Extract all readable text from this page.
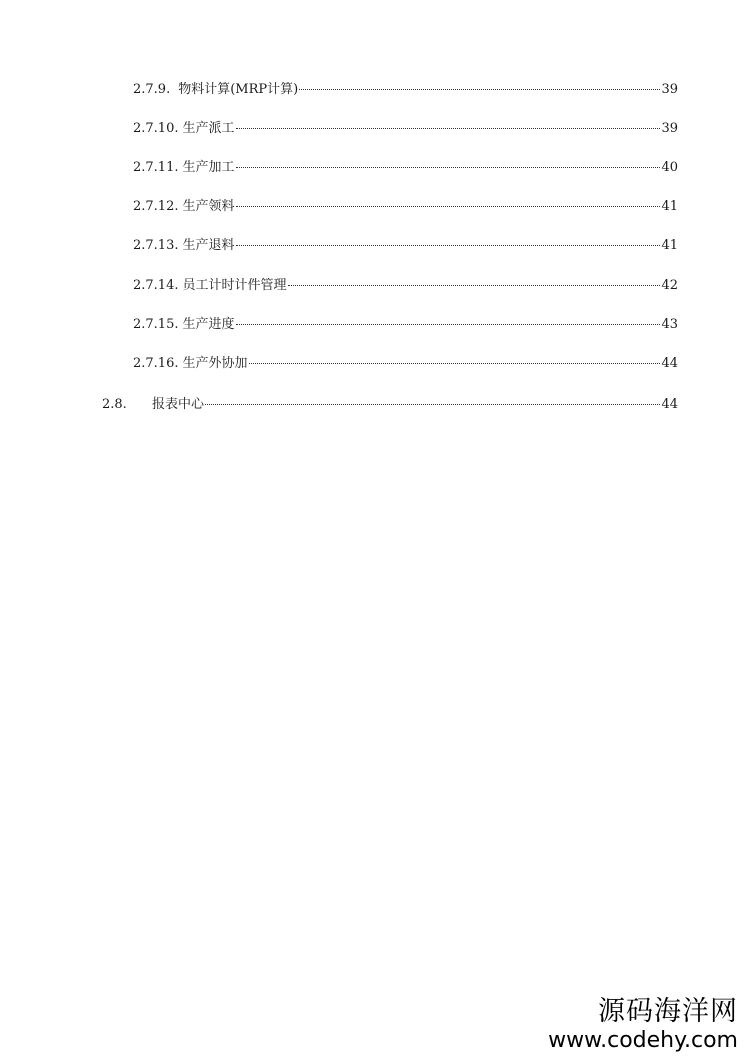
2.7.9. 物料计算(MRP计算)	39
2.7.10. 生产派工	39
2.7.11. 生产加工	40
2.7.12. 生产领料	41
2.7.13. 生产退料	41
2.7.14. 员工计时计件管理	42
2.7.15. 生产进度	43
2.7.16. 生产外协加	44
2.8.	报表中心	44
源码海洋网
www.codehy.com
